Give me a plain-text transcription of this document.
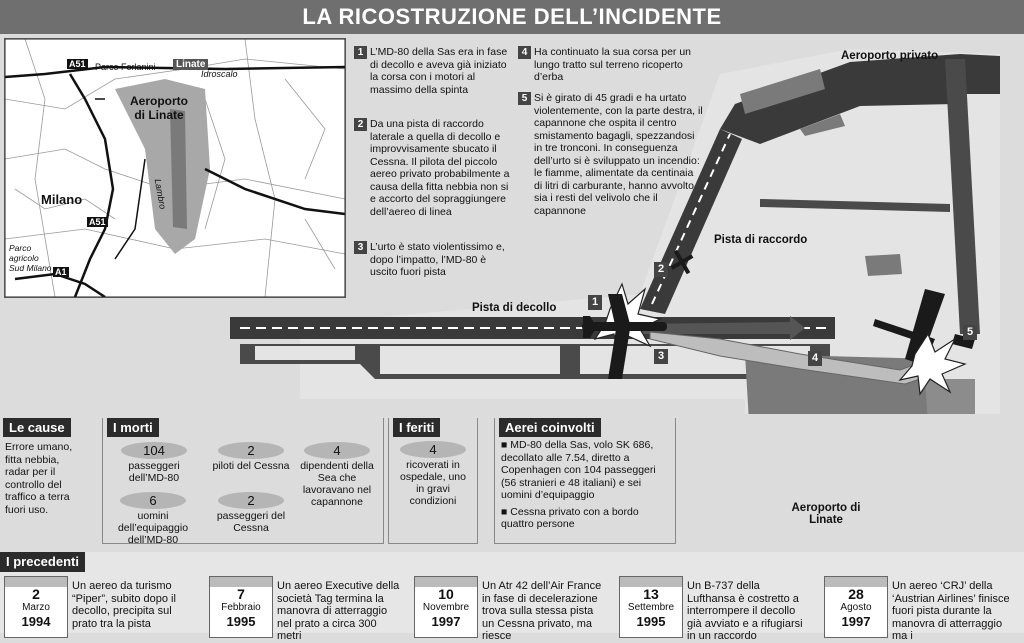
LA RICOSTRUZIONE DELL’INCIDENTE
1
2
3	4
5
Aeroporto privato
Pista di raccordo
Pista di decollo
Aeroporto di
Linate
Parco Forlanini	Linate
Idroscalo
Aeroporto
di Linate
Milano	Lambro
Parco
agricolo
Sud Milano
A51
A51
A1
1 L’MD-80 della Sas era in fase di decollo e aveva già iniziato la corsa con i motori al massimo della spinta
2 Da una pista di raccordo laterale a quella di decollo e improvvisamente sbucato il Cessna. Il pilota del piccolo aereo privato probabilmente a causa della fitta nebbia non si e accorto del sopraggiungere dell’aereo di linea
3 L’urto è stato violentissimo e, dopo l’impatto, l’MD-80 è uscito fuori pista
4 Ha continuato la sua corsa per un lungo tratto sul terreno ricoperto d’erba
5 Si è girato di 45 gradi e ha urtato violentemente, con la parte destra, il capannone che ospita il centro smistamento bagagli, spezzandosi in tre tronconi. In conseguenza dell’urto si è sviluppato un incendio: le fiamme, alimentate da centinaia di litri di carburante, hanno avvolto sia i resti del velivolo che il capannone
Le cause
Errore umano, fitta nebbia, radar per il controllo del traffico a terra fuori uso.
I morti
104
passeggeri dell’MD-80
2
piloti del Cessna
4
dipendenti della Sea che lavoravano nel capannone
6
uomini dell’equipaggio dell’MD-80
2
passeggeri del Cessna
I feriti
4
ricoverati in ospedale, uno in gravi condizioni
Aerei coinvolti
■ MD-80 della Sas, volo SK 686, decollato alle 7.54, diretto a Copenhagen con 104 passeggeri (56 stranieri e 48 italiani) e sei uomini d’equipaggio
■ Cessna privato con a bordo quattro persone
I precedenti
2
Marzo
1994
Un aereo da turismo “Piper”, subito dopo il decollo, precipita sul prato tra la pista
7
Febbraio
1995
Un aereo Executive della società Tag termina la manovra di atterraggio nel prato a circa 300 metri
10
Novembre
1997
Un Atr 42 dell’Air France in fase di decelerazione trova sulla stessa pista un Cessna privato, ma riesce
13
Settembre
1995
Un B-737 della Lufthansa è costretto a interrompere il decollo già avviato e a rifugiarsi in un raccordo
28
Agosto
1997
Un aereo ‘CRJ’ della ‘Austrian Airlines’ finisce fuori pista durante la manovra di atterraggio ma i
